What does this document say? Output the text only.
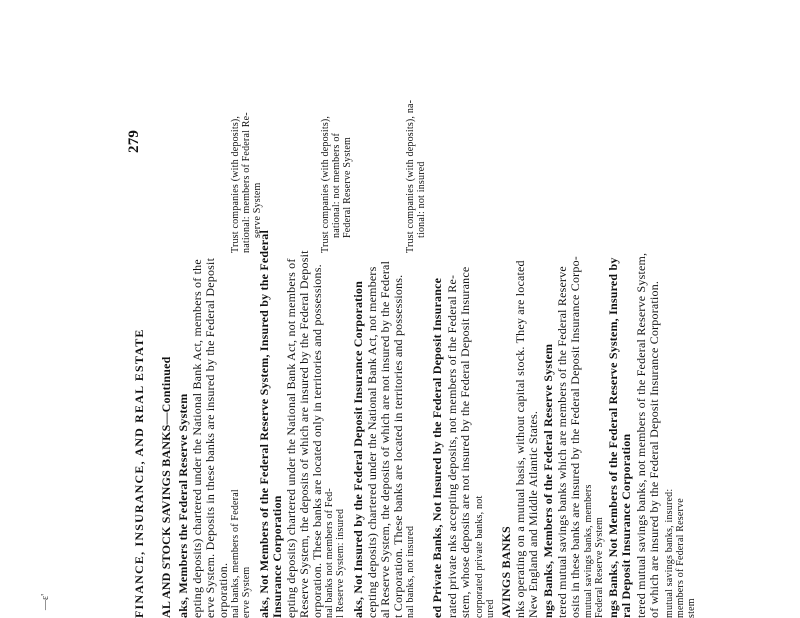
—ɛ'	FINANCE, INSURANCE, AND REAL ESTATE
279
AL AND STOCK SAVINGS BANKS—Continued aks, Members the Federal Reserve System epting deposits) chartered under the National Bank Act, members of the erve System. Deposits in these banks are insured by the Federal Deposit orporation. nal banks, members of Federal erve System
Trust companies (with deposits), national: members of Federal Re- serve System
aks, Not Members of the Federal Reserve System, Insured by the Federal Insurance Corporation epting deposits) chartered under the National Bank Act, not members of Reserve System, the deposits of which are insured by the Federal Deposit orporation. These banks are located only in territories and possessions. nal banks not members of Fed- l Reserve System: insured
Trust companies (with deposits), national: not members of Federal Reserve System
aks, Not Insured by the Federal Deposit Insurance Corporation cepting deposits) chartered under the National Bank Act, not members al Reserve System, the deposits of which are not insured by the Federal t Corporation. These banks are located in territories and possessions. nal banks, not insured
Trust companies (with deposits), na- tional: not insured
ed Private Banks, Not Insured by the Federal Deposit Insurance rated private nks accepting deposits, not members of the Federal Re- stem, whose deposits are not insured by the Federal Deposit Insurance corporated private banks, not ured AVINGS BANKS nks operating on a mutual basis, without capital stock. They are located New England and Middle Atlantic States. ngs Banks, Members of the Federal Reserve System tered mutual savings banks which are members of the Federal Reserve osits in these banks are insured by the Federal Deposit Insurance Corpo- mutual savings banks, members Federal Reserve System ngs Banks, Not Members of the Federal Reserve System, Insured by ral Deposit Insurance Corporation tered mutual savings banks, not members of the Federal Reserve System, of which are insured by the Federal Deposit Insurance Corporation. mutual savings banks, insured: members of Federal Reserve stem
